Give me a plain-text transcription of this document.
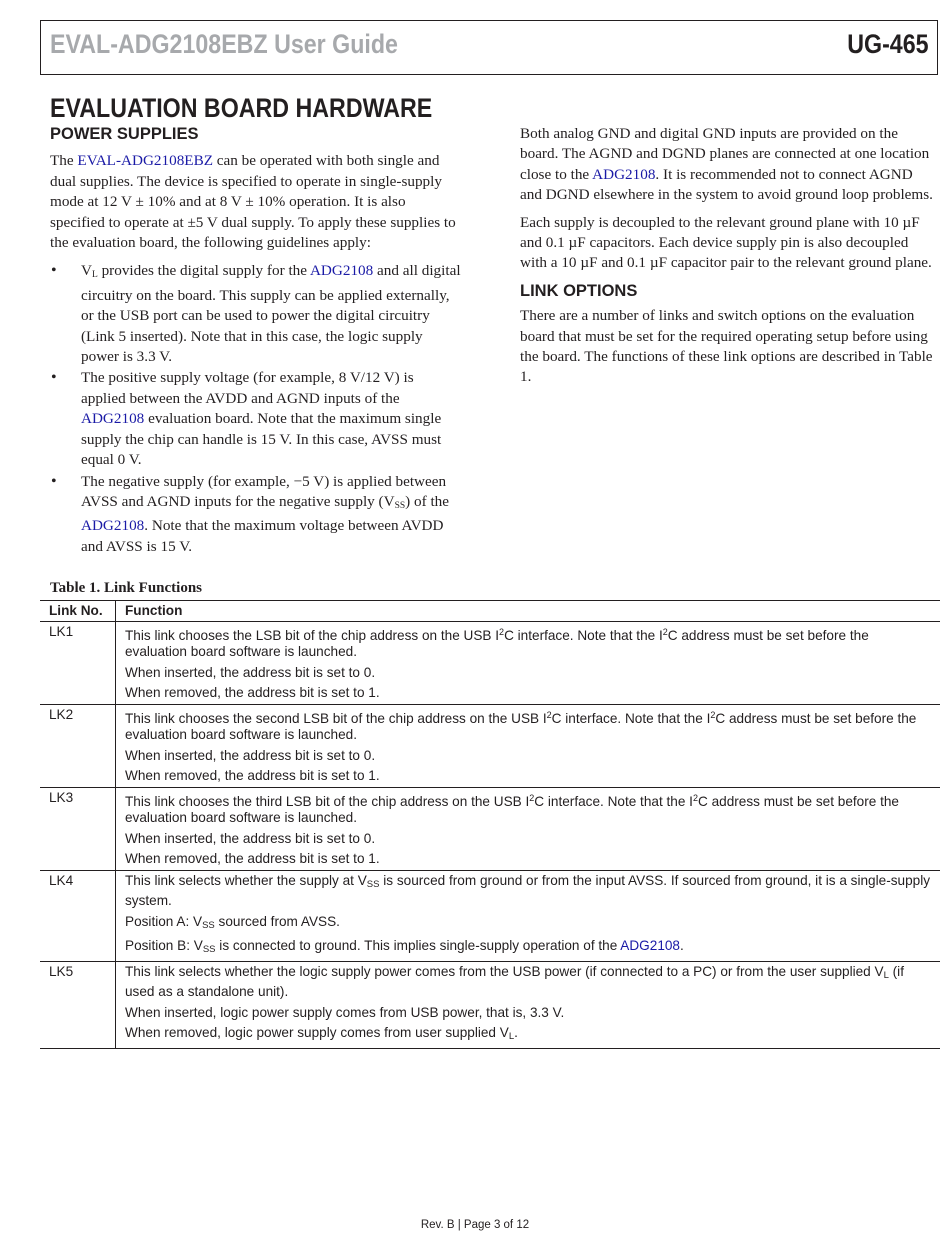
EVAL-ADG2108EBZ User Guide	UG-465
EVALUATION BOARD HARDWARE
POWER SUPPLIES

The EVAL-ADG2108EBZ can be operated with both single and dual supplies. The device is specified to operate in single-supply mode at 12 V ± 10% and at 8 V ± 10% operation. It is also specified to operate at ±5 V dual supply. To apply these supplies to the evaluation board, the following guidelines apply:

• $V_L$ provides the digital supply for the ADG2108 and all digital circuitry on the board. This supply can be applied externally, or the USB port can be used to power the digital circuitry (Link 5 inserted). Note that in this case, the logic supply power is 3.3 V.
• The positive supply voltage (for example, 8 V/12 V) is applied between the AVDD and AGND inputs of the ADG2108 evaluation board. Note that the maximum single supply the chip can handle is 15 V. In this case, AVSS must equal 0 V.
• The negative supply (for example, −5 V) is applied between AVSS and AGND inputs for the negative supply $(V_{SS})$ of the ADG2108. Note that the maximum voltage between AVDD and AVSS is 15 V.

Both analog GND and digital GND inputs are provided on the board. The AGND and DGND planes are connected at one location close to the ADG2108. It is recommended not to connect AGND and DGND elsewhere in the system to avoid ground loop problems.

Each supply is decoupled to the relevant ground plane with 10 µF and 0.1 µF capacitors. Each device supply pin is also decoupled with a 10 µF and 0.1 µF capacitor pair to the relevant ground plane.

LINK OPTIONS

There are a number of links and switch options on the evaluation board that must be set for the required operating setup before using the board. The functions of these link options are described in Table 1.

Table 1. Link Functions

Link No.	Function
LK1	This link chooses the LSB bit of the chip address on the USB $I^2C$ interface. Note that the $I^2C$ address must be set before the evaluation board software is launched.
When inserted, the address bit is set to 0.
When removed, the address bit is set to 1.

LK2	This link chooses the second LSB bit of the chip address on the USB $I^2C$ interface. Note that the $I^2C$ address must be set before the evaluation board software is launched.
When inserted, the address bit is set to 0.
When removed, the address bit is set to 1.

LK3	This link chooses the third LSB bit of the chip address on the USB $I^2C$ interface. Note that the $I^2C$ address must be set before the evaluation board software is launched.
When inserted, the address bit is set to 0.
When removed, the address bit is set to 1.

LK4	This link selects whether the supply at $V_{SS}$ is sourced from ground or from the input AVSS. If sourced from ground, it is a single-supply system.
Position A: $V_{SS}$ sourced from AVSS.
Position B: $V_{SS}$ is connected to ground. This implies single-supply operation of the ADG2108.

LK5	This link selects whether the logic supply power comes from the USB power (if connected to a PC) or from the user supplied $V_L$ (if used as a standalone unit).
When inserted, logic power supply comes from USB power, that is, 3.3 V.
When removed, logic power supply comes from user supplied $V_L$.
Rev. B | Page 3 of 12
